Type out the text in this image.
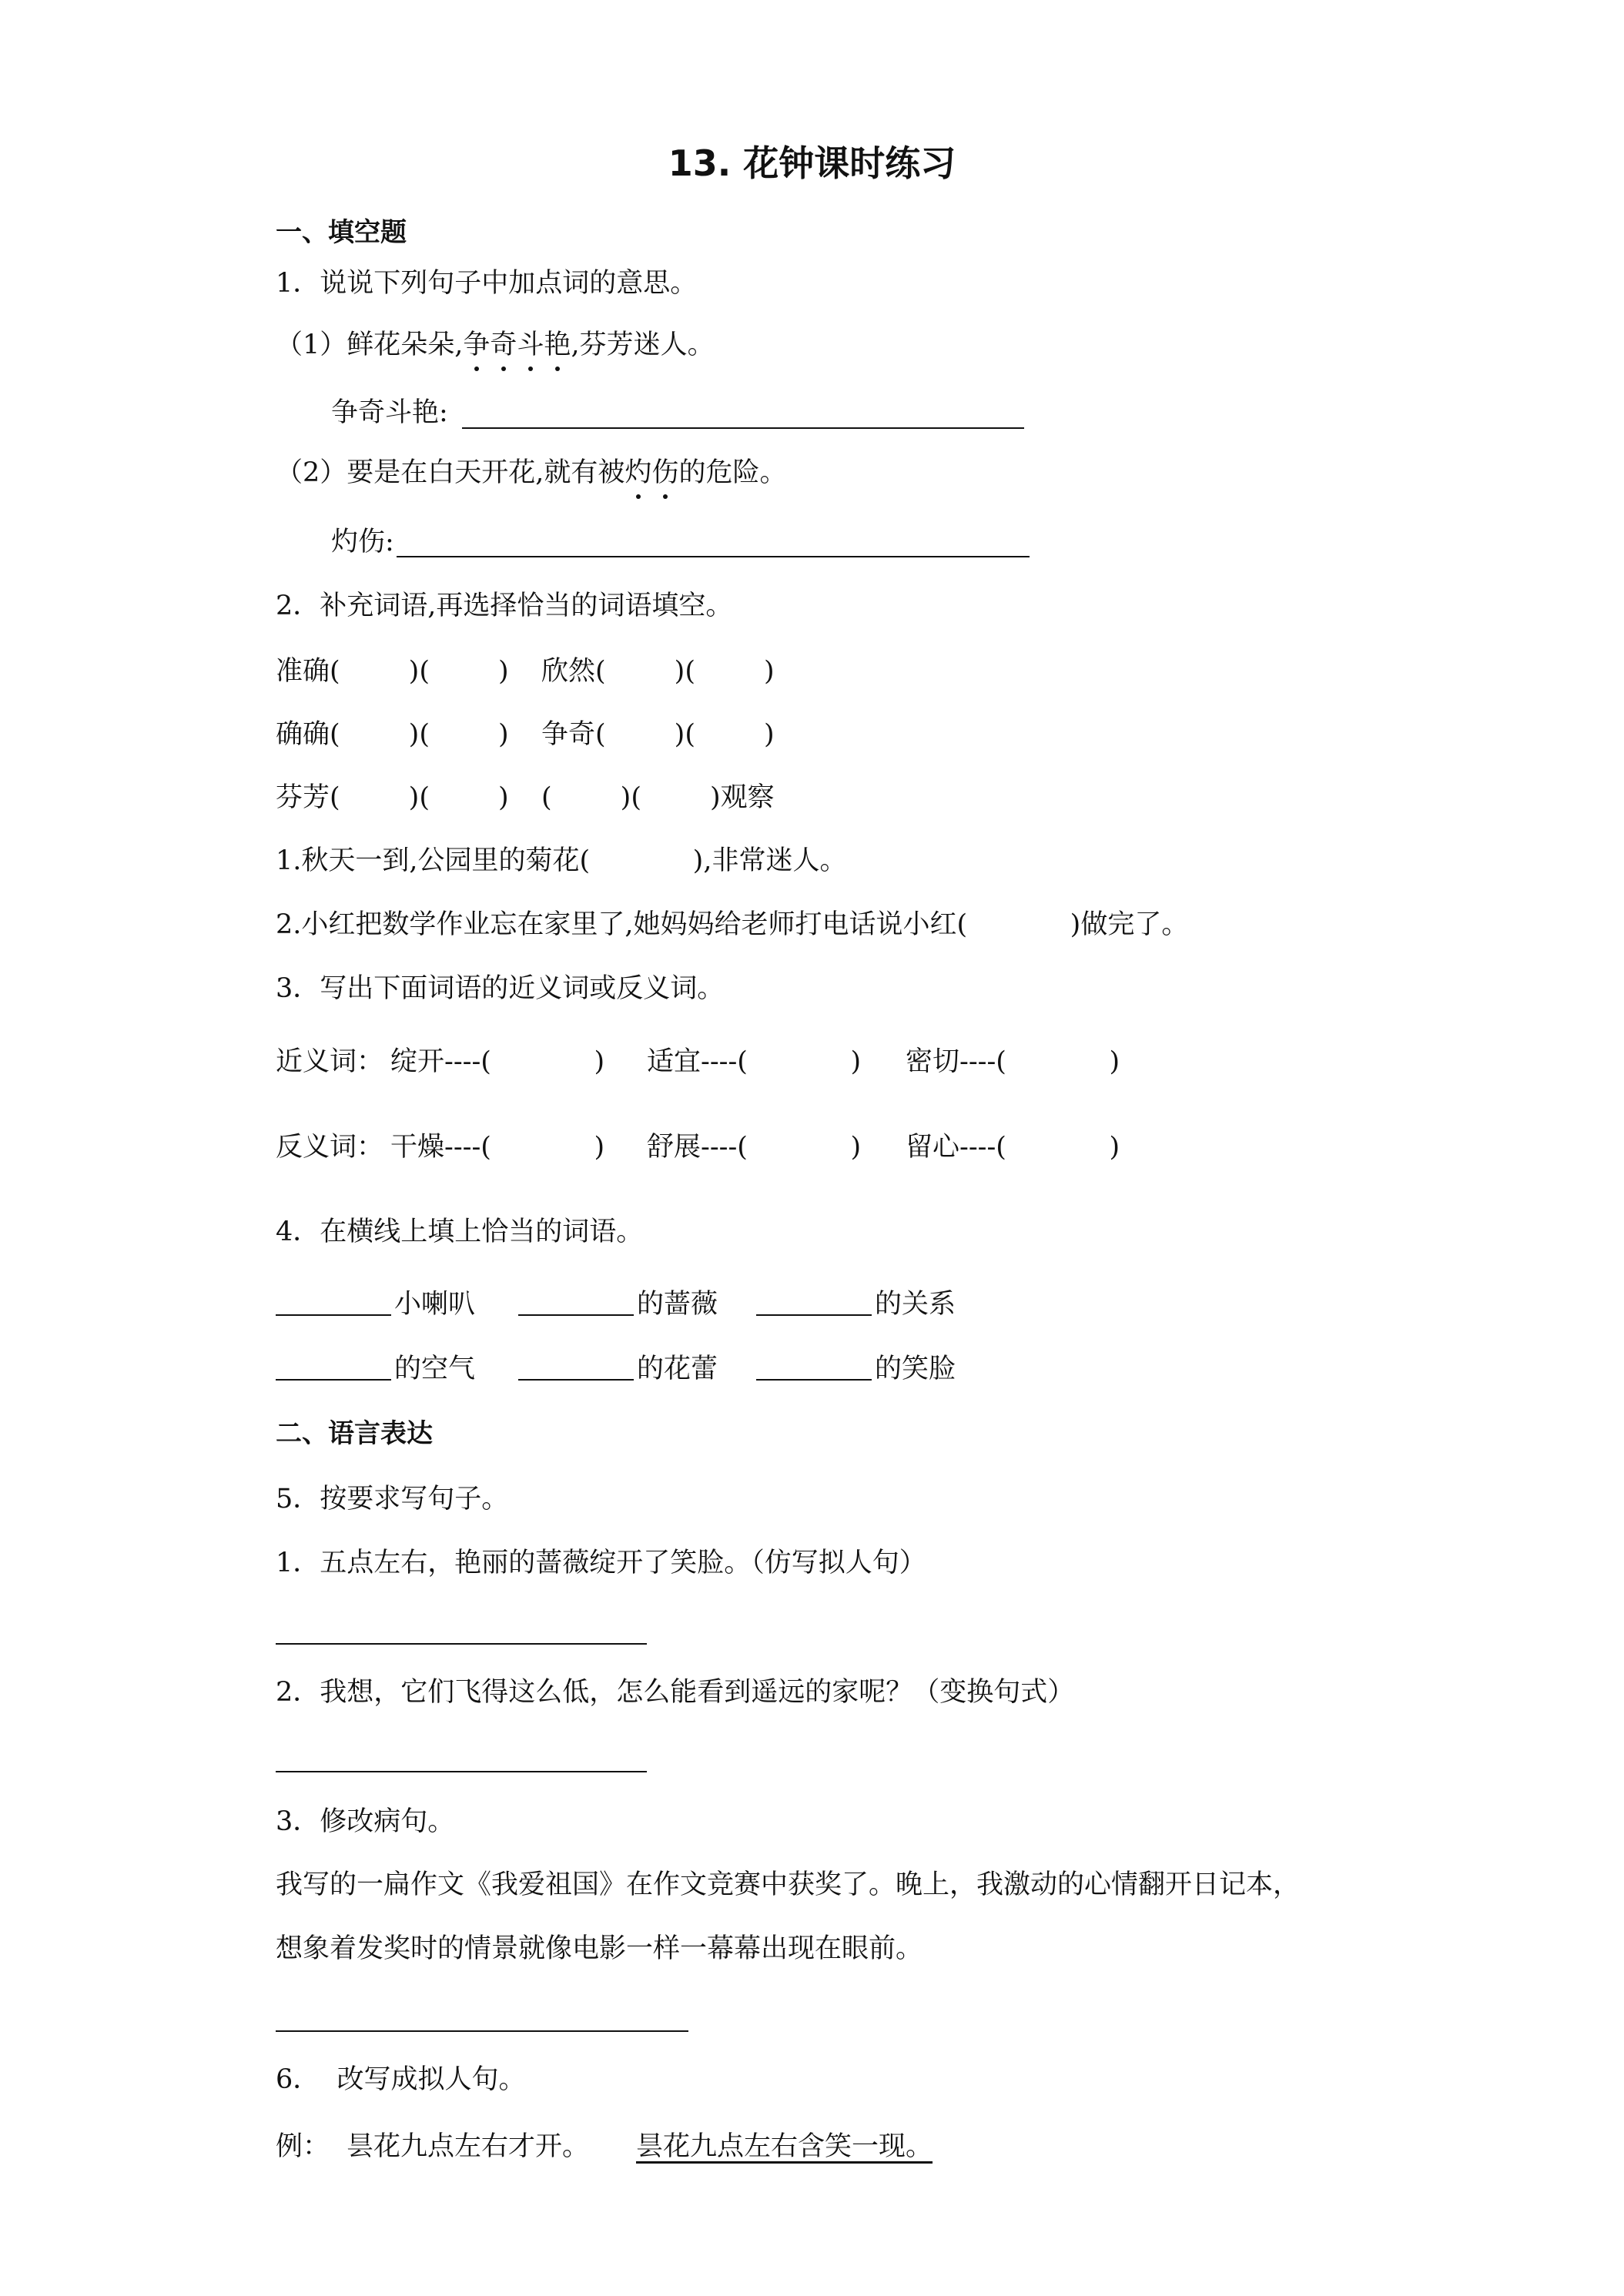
13. 花钟课时练习
一、填空题
1．说说下列句子中加点词的意思。
（1）鲜花朵朵,争奇斗艳,芬芳迷人。
争奇斗艳:
（2）要是在白天开花,就有被灼伤的危险。
灼伤:
2．补充词语,再选择恰当的词语填空。
准确(        )(        ) 欣然(        )(        )
确确(        )(        ) 争奇(        )(        )
芬芳(        )(        ) (        )(        )观察
1.秋天一到,公园里的菊花(            ),非常迷人。
2.小红把数学作业忘在家里了,她妈妈给老师打电话说小红(            )做完了。
3．写出下面词语的近义词或反义词。
近义词： 绽开----(            ) 适宜----(            ) 密切----(            )
反义词： 干燥----(            ) 舒展----(            ) 留心----(            )
4．在横线上填上恰当的词语。
小喇叭	的蔷薇	的关系
的空气	的花蕾	的笑脸
二、语言表达
5．按要求写句子。
1．五点左右，艳丽的蔷薇绽开了笑脸。（仿写拟人句）
2．我想，它们飞得这么低，怎么能看到遥远的家呢？（变换句式）
3．修改病句。
我写的一扁作文《我爱祖国》在作文竞赛中获奖了。晚上，我激动的心情翻开日记本，
想象着发奖时的情景就像电影一样一幕幕出现在眼前。
6．  改写成拟人句。
例： 昙花九点左右才开。 昙花九点左右含笑一现。
